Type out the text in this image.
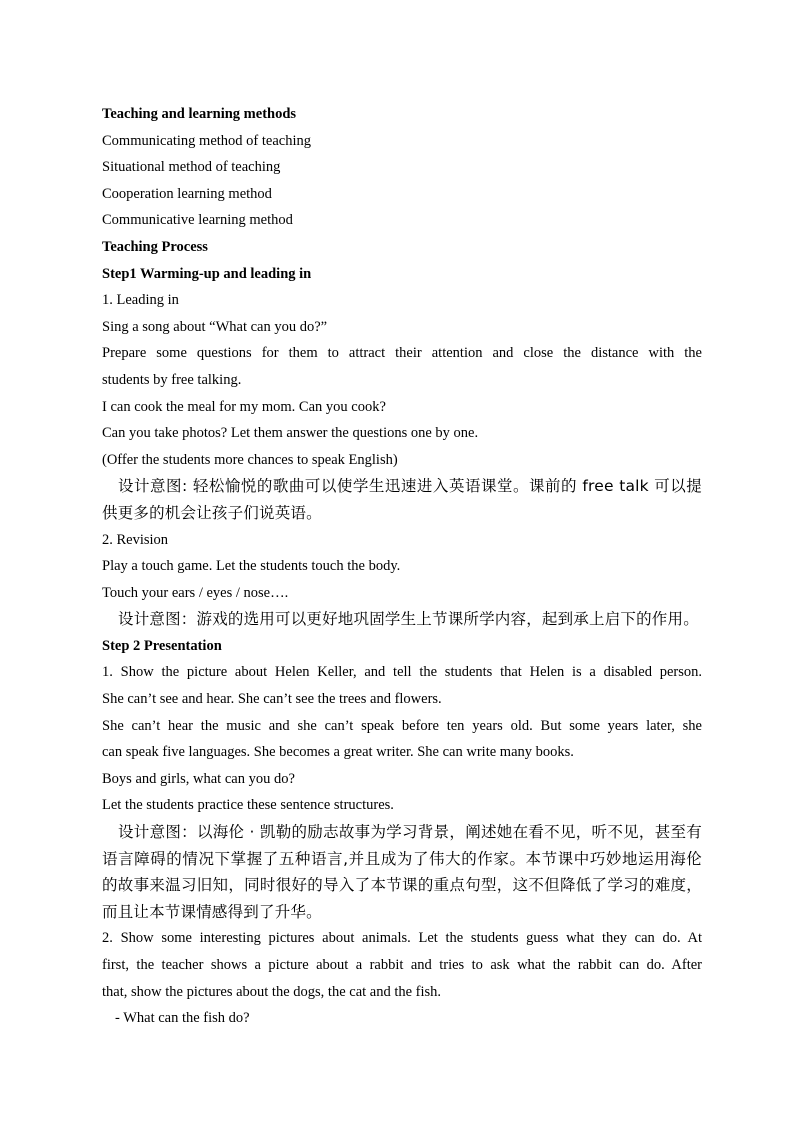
Teaching and learning methods
Communicating method of teaching
Situational method of teaching
Cooperation learning method
Communicative learning method
Teaching Process
Step1 Warming-up and leading in
1. Leading in
Sing a song about “What can you do?”
Prepare some questions for them to attract their attention and close the distance with the
students by free talking.
I can cook the meal for my mom. Can you cook?
Can you take photos? Let them answer the questions one by one.
(Offer the students more chances to speak English)
设计意图: 轻松愉悦的歌曲可以使学生迅速进入英语课堂。课前的 free talk 可以提供更多的机会让孩子们说英语。
2. Revision
Play a touch game. Let the students touch the body.
Touch your ears / eyes / nose….
设计意图：游戏的选用可以更好地巩固学生上节课所学内容，起到承上启下的作用。
Step 2 Presentation
1. Show the picture about Helen Keller, and tell the students that Helen is a disabled person.
She can’t see and hear. She can’t see the trees and flowers.
She can’t hear the music and she can’t speak before ten years old. But some years later, she
can speak five languages. She becomes a great writer. She can write many books.
Boys and girls, what can you do?
Let the students practice these sentence structures.
设计意图：以海伦 · 凯勒的励志故事为学习背景，阐述她在看不见，听不见，甚至有语言障碍的情况下掌握了五种语言,并且成为了伟大的作家。本节课中巧妙地运用海伦的故事来温习旧知，同时很好的导入了本节课的重点句型，这不但降低了学习的难度，而且让本节课情感得到了升华。
2. Show some interesting pictures about animals. Let the students guess what they can do. At
first, the teacher shows a picture about a rabbit and tries to ask what the rabbit can do. After
that, show the pictures about the dogs, the cat and the fish.
- What can the fish do?
